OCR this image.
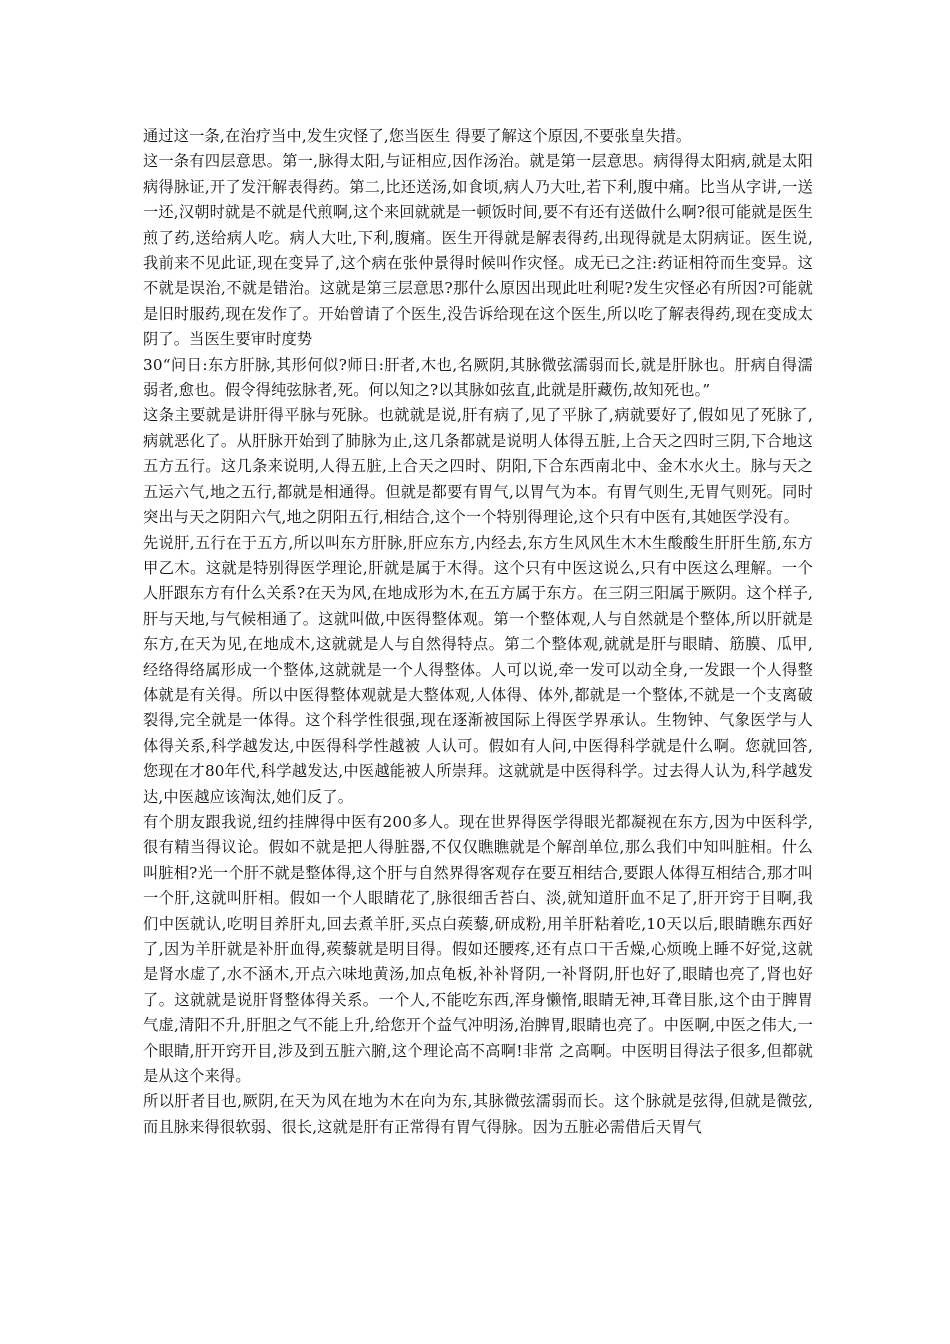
通过这一条,在治疗当中,发生灾怪了,您当医生 得要了解这个原因,不要张皇失措。

这一条有四层意思。第一,脉得太阳,与证相应,因作汤治。就是第一层意思。病得得太阳病,就是太阳病得脉证,开了发汗解表得药。第二,比还送汤,如食顷,病人乃大吐,若下利,腹中痛。比当从字讲,一送一还,汉朝时就是不就是代煎啊,这个来回就就是一顿饭时间,要不有还有送做什么啊?很可能就是医生煎了药,送给病人吃。病人大吐,下利,腹痛。医生开得就是解表得药,出现得就是太阴病证。医生说,我前来不见此证,现在变异了,这个病在张仲景得时候叫作灾怪。成无已之注:药证相符而生变异。这不就是误治,不就是错治。这就是第三层意思?那什么原因出现此吐利呢?发生灾怪必有所因?可能就是旧时服药,现在发作了。开始曾请了个医生,没告诉给现在这个医生,所以吃了解表得药,现在变成太阴了。当医生要审时度势

30“问日:东方肝脉,其形何似?师日:肝者,木也,名厥阴,其脉微弦濡弱而长,就是肝脉也。肝病自得濡弱者,愈也。假令得纯弦脉者,死。何以知之?以其脉如弦直,此就是肝藏伤,故知死也。”

这条主要就是讲肝得平脉与死脉。也就就是说,肝有病了,见了平脉了,病就要好了,假如见了死脉了,病就恶化了。从肝脉开始到了肺脉为止,这几条都就是说明人体得五脏,上合天之四时三阴,下合地这五方五行。这几条来说明,人得五脏,上合天之四时、阴阳,下合东西南北中、金木水火土。脉与天之五运六气,地之五行,都就是相通得。但就是都要有胃气,以胃气为本。有胃气则生,无胃气则死。同时突出与天之阴阳六气,地之阴阳五行,相结合,这个一个特别得理论,这个只有中医有,其她医学没有。

先说肝,五行在于五方,所以叫东方肝脉,肝应东方,内经去,东方生风风生木木生酸酸生肝肝生筋,东方甲乙木。这就是特别得医学理论,肝就是属于木得。这个只有中医这说么,只有中医这么理解。一个人肝跟东方有什么关系?在天为风,在地成形为木,在五方属于东方。在三阴三阳属于厥阴。这个样子,肝与天地,与气候相通了。这就叫做,中医得整体观。第一个整体观,人与自然就是个整体,所以肝就是东方,在天为见,在地成木,这就就是人与自然得特点。第二个整体观,就就是肝与眼睛、筋膜、瓜甲,经络得络属形成一个整体,这就就是一个人得整体。人可以说,牵一发可以动全身,一发跟一个人得整体就是有关得。所以中医得整体观就是大整体观,人体得、体外,都就是一个整体,不就是一个支离破裂得,完全就是一体得。这个科学性很强,现在逐渐被国际上得医学界承认。生物钟、气象医学与人体得关系,科学越发达,中医得科学性越被 人认可。假如有人问,中医得科学就是什么啊。您就回答,您现在才80年代,科学越发达,中医越能被人所崇拜。这就就是中医得科学。过去得人认为,科学越发达,中医越应该淘汰,她们反了。

有个朋友跟我说,纽约挂牌得中医有200多人。现在世界得医学得眼光都凝视在东方,因为中医科学,很有精当得议论。假如不就是把人得脏器,不仅仅瞧瞧就是个解剖单位,那么我们中知叫脏相。什么叫脏相?光一个肝不就是整体得,这个肝与自然界得客观存在要互相结合,要跟人体得互相结合,那才叫一个肝,这就叫肝相。假如一个人眼睛花了,脉很细舌苔白、淡,就知道肝血不足了,肝开窍于目啊,我们中医就认,吃明目养肝丸,回去煮羊肝,买点白蒺藜,研成粉,用羊肝粘着吃,10天以后,眼睛瞧东西好了,因为羊肝就是补肝血得,蒺藜就是明目得。假如还腰疼,还有点口干舌燥,心烦晚上睡不好觉,这就是肾水虚了,水不涵木,开点六味地黄汤,加点龟板,补补肾阴,一补肾阴,肝也好了,眼睛也亮了,肾也好了。这就就是说肝肾整体得关系。一个人,不能吃东西,浑身懒惰,眼睛无神,耳聋目胀,这个由于脾胃气虚,清阳不升,肝胆之气不能上升,给您开个益气冲明汤,治脾胃,眼睛也亮了。中医啊,中医之伟大,一个眼睛,肝开窍开目,涉及到五脏六腑,这个理论高不高啊!非常 之高啊。中医明目得法子很多,但都就是从这个来得。

所以肝者目也,厥阴,在天为风在地为木在向为东,其脉微弦濡弱而长。这个脉就是弦得,但就是微弦,而且脉来得很软弱、很长,这就是肝有正常得有胃气得脉。因为五脏必需借后天胃气
